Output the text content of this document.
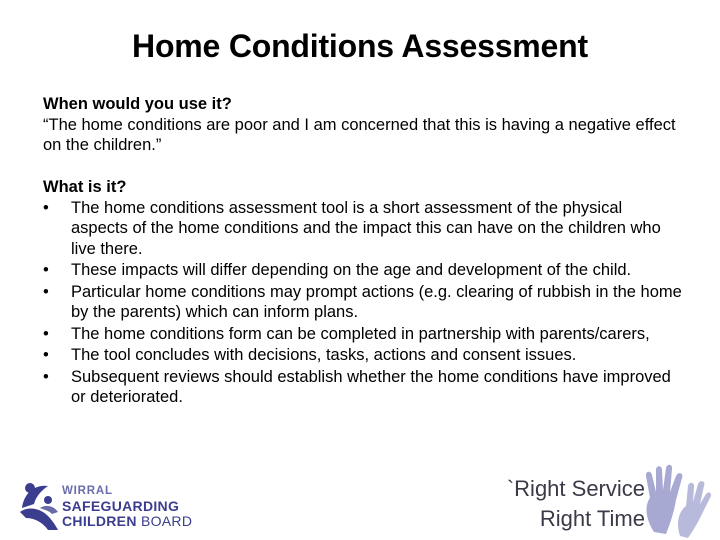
Home Conditions Assessment
When would you use it?
“The home conditions are poor and I am concerned that this is having a negative effect on the children.”
What is it?
•	The home conditions assessment tool is a short assessment of the physical aspects of the home conditions and the impact this can have on the children who live there.
•	These impacts will differ depending on the age and development of the child.
•	Particular home conditions may prompt actions (e.g. clearing of rubbish in the home by the parents) which can inform plans.
•	The home conditions form can be completed in partnership with parents/carers,
•	The tool concludes with decisions, tasks, actions and consent issues.
•	Subsequent reviews should establish whether the home conditions have improved or deteriorated.
WIRRAL
SAFEGUARDING
CHILDREN BOARD
`Right Service
Right Time
